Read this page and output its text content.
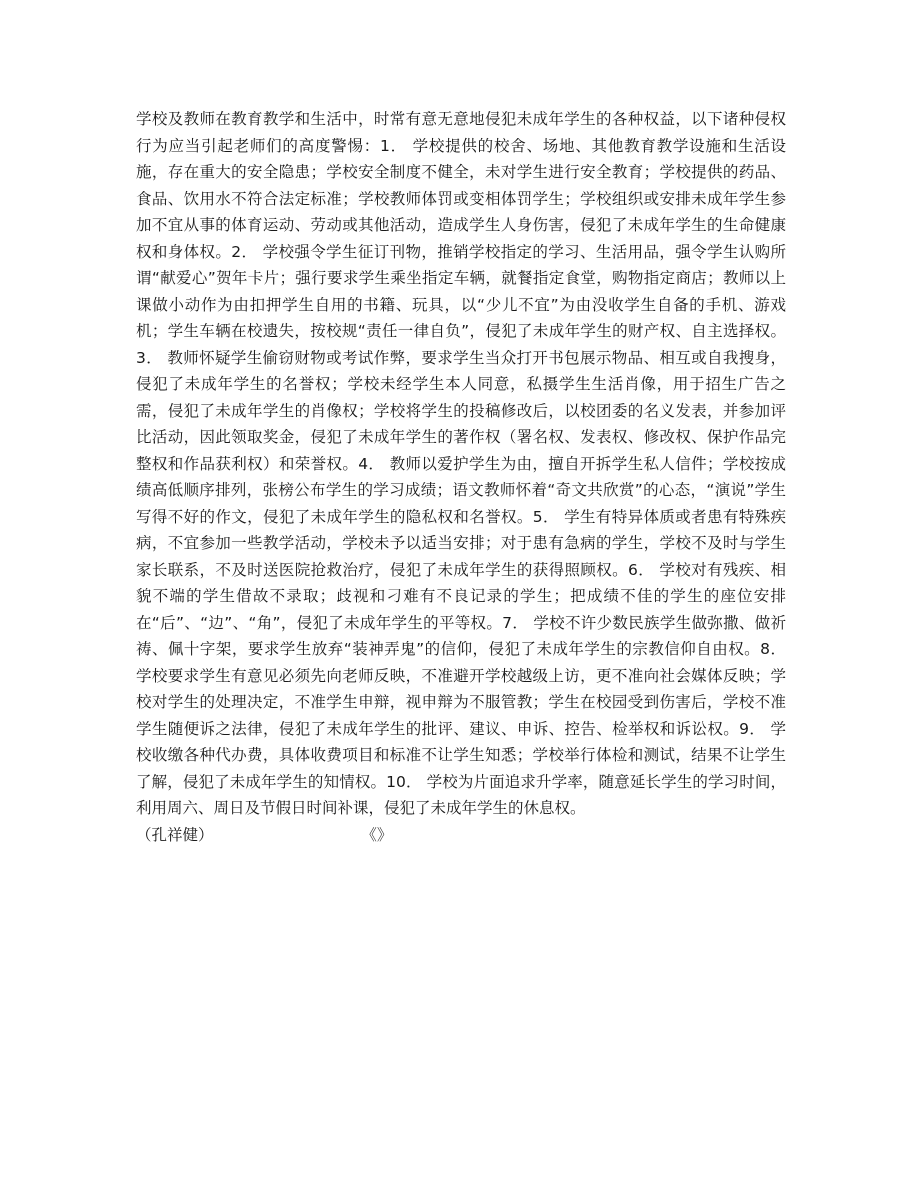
学校及教师在教育教学和生活中，时常有意无意地侵犯未成年学生的各种权益，以下诸种侵权行为应当引起老师们的高度警惕：1． 学校提供的校舍、场地、其他教育教学设施和生活设施，存在重大的安全隐患；学校安全制度不健全，未对学生进行安全教育；学校提供的药品、食品、饮用水不符合法定标准；学校教师体罚或变相体罚学生；学校组织或安排未成年学生参加不宜从事的体育运动、劳动或其他活动，造成学生人身伤害，侵犯了未成年学生的生命健康权和身体权。2． 学校强令学生征订刊物，推销学校指定的学习、生活用品，强令学生认购所谓“献爱心”贺年卡片；强行要求学生乘坐指定车辆，就餐指定食堂，购物指定商店；教师以上课做小动作为由扣押学生自用的书籍、玩具，以“少儿不宜”为由没收学生自备的手机、游戏机；学生车辆在校遗失，按校规“责任一律自负”，侵犯了未成年学生的财产权、自主选择权。3． 教师怀疑学生偷窃财物或考试作弊，要求学生当众打开书包展示物品、相互或自我搜身，侵犯了未成年学生的名誉权；学校未经学生本人同意，私摄学生生活肖像，用于招生广告之需，侵犯了未成年学生的肖像权；学校将学生的投稿修改后，以校团委的名义发表，并参加评比活动，因此领取奖金，侵犯了未成年学生的著作权（署名权、发表权、修改权、保护作品完整权和作品获利权）和荣誉权。4． 教师以爱护学生为由，擅自开拆学生私人信件；学校按成绩高低顺序排列，张榜公布学生的学习成绩；语文教师怀着“奇文共欣赏”的心态，“演说”学生写得不好的作文，侵犯了未成年学生的隐私权和名誉权。5． 学生有特异体质或者患有特殊疾病，不宜参加一些教学活动，学校未予以适当安排；对于患有急病的学生，学校不及时与学生家长联系，不及时送医院抢救治疗，侵犯了未成年学生的获得照顾权。6． 学校对有残疾、相貌不端的学生借故不录取；歧视和刁难有不良记录的学生；把成绩不佳的学生的座位安排在“后”、“边”、“角”，侵犯了未成年学生的平等权。7． 学校不许少数民族学生做弥撒、做祈祷、佩十字架，要求学生放弃“装神弄鬼”的信仰，侵犯了未成年学生的宗教信仰自由权。8． 学校要求学生有意见必须先向老师反映，不准避开学校越级上访，更不准向社会媒体反映；学校对学生的处理决定，不准学生申辩，视申辩为不服管教；学生在校园受到伤害后，学校不准学生随便诉之法律，侵犯了未成年学生的批评、建议、申诉、控告、检举权和诉讼权。9． 学校收缴各种代办费，具体收费项目和标准不让学生知悉；学校举行体检和测试，结果不让学生了解，侵犯了未成年学生的知情权。10． 学校为片面追求升学率，随意延长学生的学习时间，利用周六、周日及节假日时间补课，侵犯了未成年学生的休息权。

（孔祥健）	《》
